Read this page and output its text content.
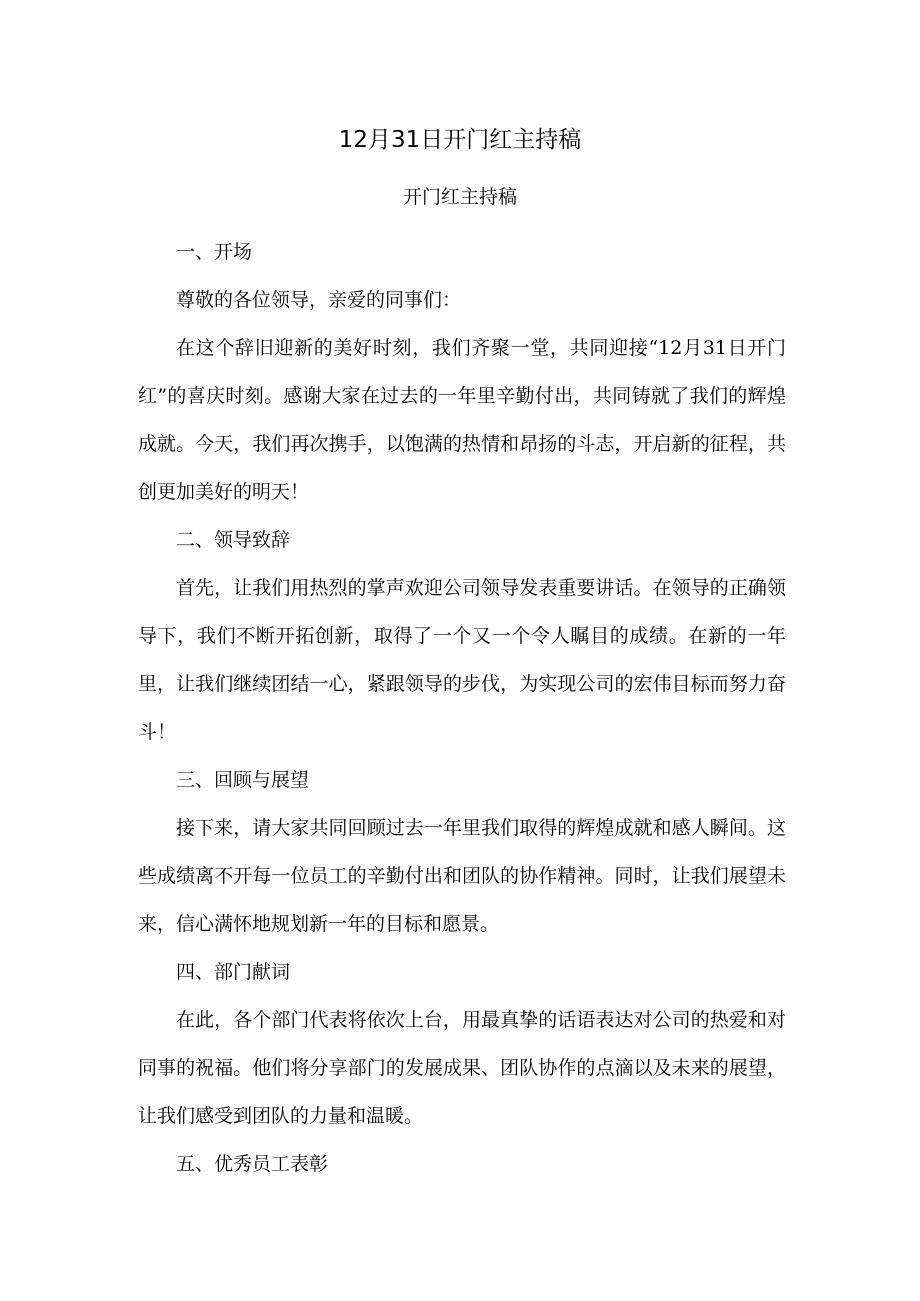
12月31日开门红主持稿

开门红主持稿

一、开场

尊敬的各位领导，亲爱的同事们：

在这个辞旧迎新的美好时刻，我们齐聚一堂，共同迎接“12月31日开门红”的喜庆时刻。感谢大家在过去的一年里辛勤付出，共同铸就了我们的辉煌成就。今天，我们再次携手，以饱满的热情和昂扬的斗志，开启新的征程，共创更加美好的明天！

二、领导致辞

首先，让我们用热烈的掌声欢迎公司领导发表重要讲话。在领导的正确领导下，我们不断开拓创新，取得了一个又一个令人瞩目的成绩。在新的一年里，让我们继续团结一心，紧跟领导的步伐，为实现公司的宏伟目标而努力奋斗！

三、回顾与展望

接下来，请大家共同回顾过去一年里我们取得的辉煌成就和感人瞬间。这些成绩离不开每一位员工的辛勤付出和团队的协作精神。同时，让我们展望未来，信心满怀地规划新一年的目标和愿景。

四、部门献词

在此，各个部门代表将依次上台，用最真挚的话语表达对公司的热爱和对同事的祝福。他们将分享部门的发展成果、团队协作的点滴以及未来的展望，让我们感受到团队的力量和温暖。

五、优秀员工表彰
